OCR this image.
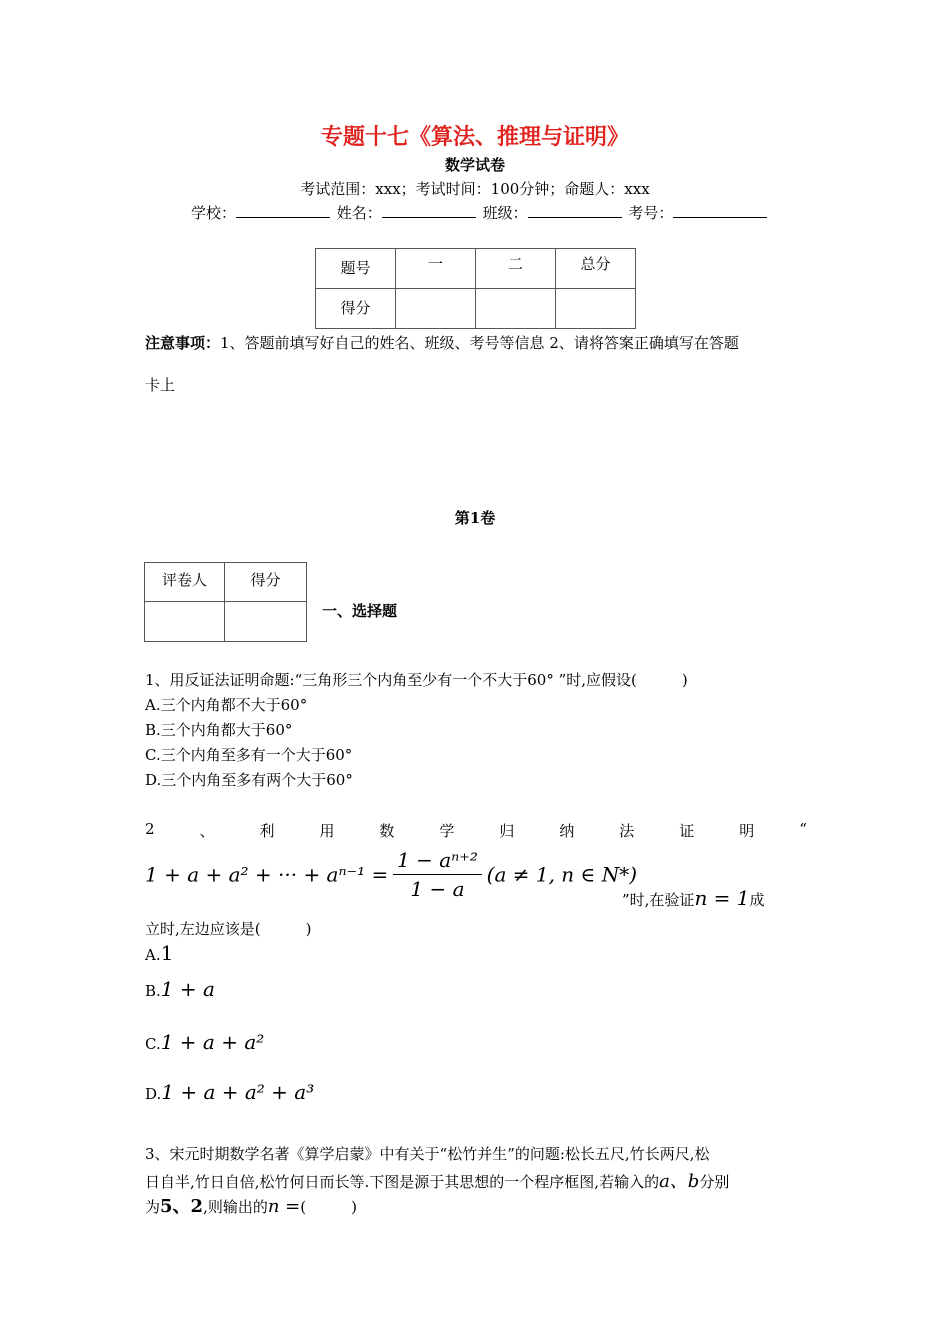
专题十七《算法、推理与证明》
数学试卷
考试范围：xxx；考试时间：100分钟；命题人：xxx
学校：	姓名：	班级：	考号：
题号	一	二	总分
得分			
注意事项：1、答题前填写好自己的姓名、班级、考号等信息 2、请将答案正确填写在答题
卡上
第1卷
评卷人	得分

一、选择题
1、用反证法证明命题:“三角形三个内角至少有一个不大于60° ”时,应假设(　　　)
A.三个内角都不大于60°
B.三个内角都大于60°
C.三个内角至多有一个大于60°
D.三个内角至多有两个大于60°
2	、	利	用	数	学	归	纳	法	证	明	“
1 + a + a² + ··· + $a^{n-1} = \frac{\text{1 − aⁿ⁺²}}{1 - a} (a \ne 1$, n ∈ N*)
”时,在验证n = 1成
立时,左边应该是(　　　)
A.1
B.1 + a
C.1 + a + a²
D.1 + a + a² + a³
3、宋元时期数学名著《算学启蒙》中有关于“松竹并生”的问题:松长五尺,竹长两尺,松
日自半,竹日自倍,松竹何日而长等.下图是源于其思想的一个程序框图,若输入的a、b分别
为5、2,则输出的n =(　　　)
